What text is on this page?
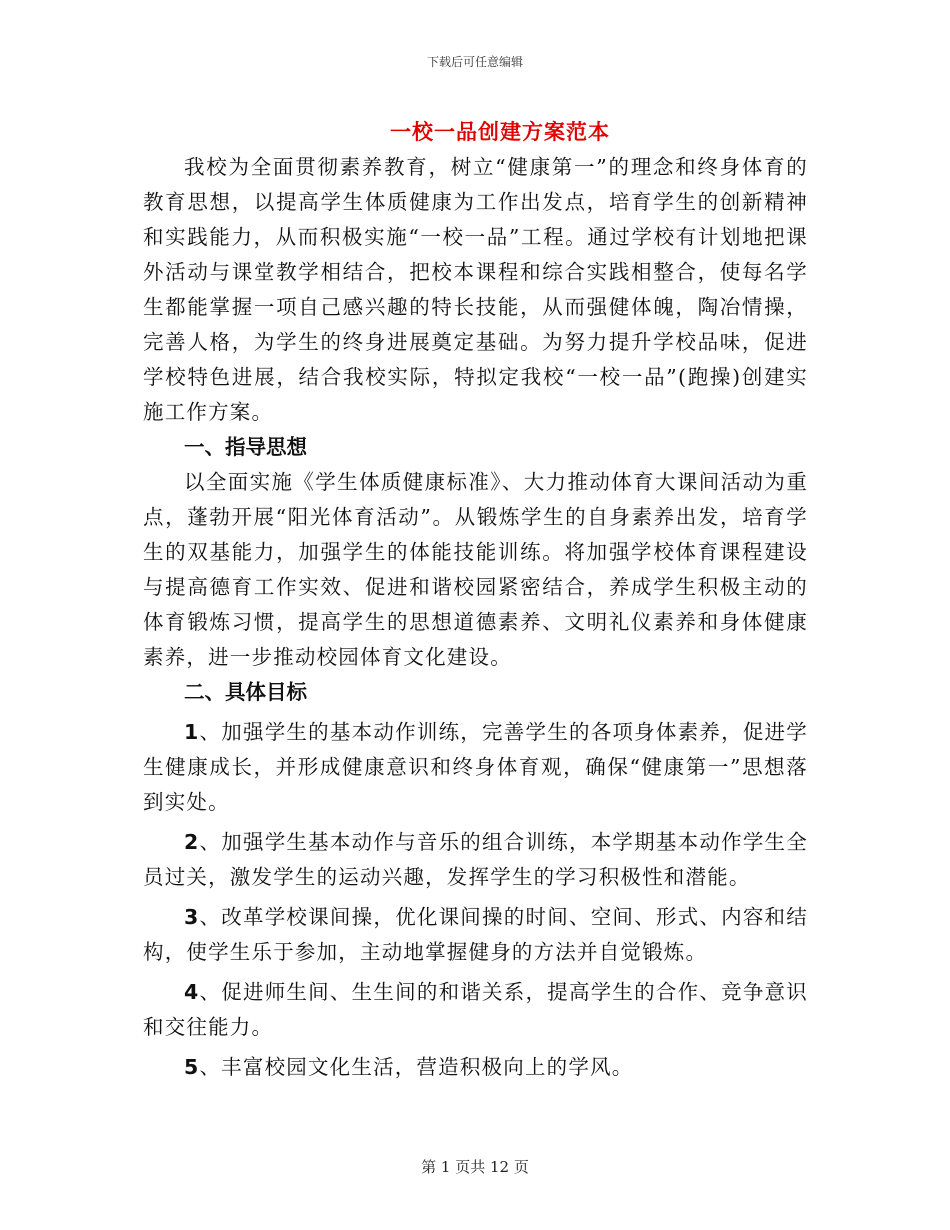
下载后可任意编辑
一校一品创建方案范本

我校为全面贯彻素养教育，树立“健康第一”的理念和终身体育的教育思想，以提高学生体质健康为工作出发点，培育学生的创新精神和实践能力，从而积极实施“一校一品”工程。通过学校有计划地把课外活动与课堂教学相结合，把校本课程和综合实践相整合，使每名学生都能掌握一项自己感兴趣的特长技能，从而强健体魄，陶冶情操，完善人格，为学生的终身进展奠定基础。为努力提升学校品味，促进学校特色进展，结合我校实际，特拟定我校“一校一品”(跑操)创建实施工作方案。

一、指导思想

以全面实施《学生体质健康标准》、大力推动体育大课间活动为重点，蓬勃开展“阳光体育活动”。从锻炼学生的自身素养出发，培育学生的双基能力，加强学生的体能技能训练。将加强学校体育课程建设与提高德育工作实效、促进和谐校园紧密结合，养成学生积极主动的体育锻炼习惯，提高学生的思想道德素养、文明礼仪素养和身体健康素养，进一步推动校园体育文化建设。

二、具体目标

1、加强学生的基本动作训练，完善学生的各项身体素养，促进学生健康成长，并形成健康意识和终身体育观，确保“健康第一”思想落到实处。

2、加强学生基本动作与音乐的组合训练，本学期基本动作学生全员过关，激发学生的运动兴趣，发挥学生的学习积极性和潜能。

3、改革学校课间操，优化课间操的时间、空间、形式、内容和结构，使学生乐于参加，主动地掌握健身的方法并自觉锻炼。

4、促进师生间、生生间的和谐关系，提高学生的合作、竞争意识和交往能力。

5、丰富校园文化生活，营造积极向上的学风。

第 1 页共 12 页
